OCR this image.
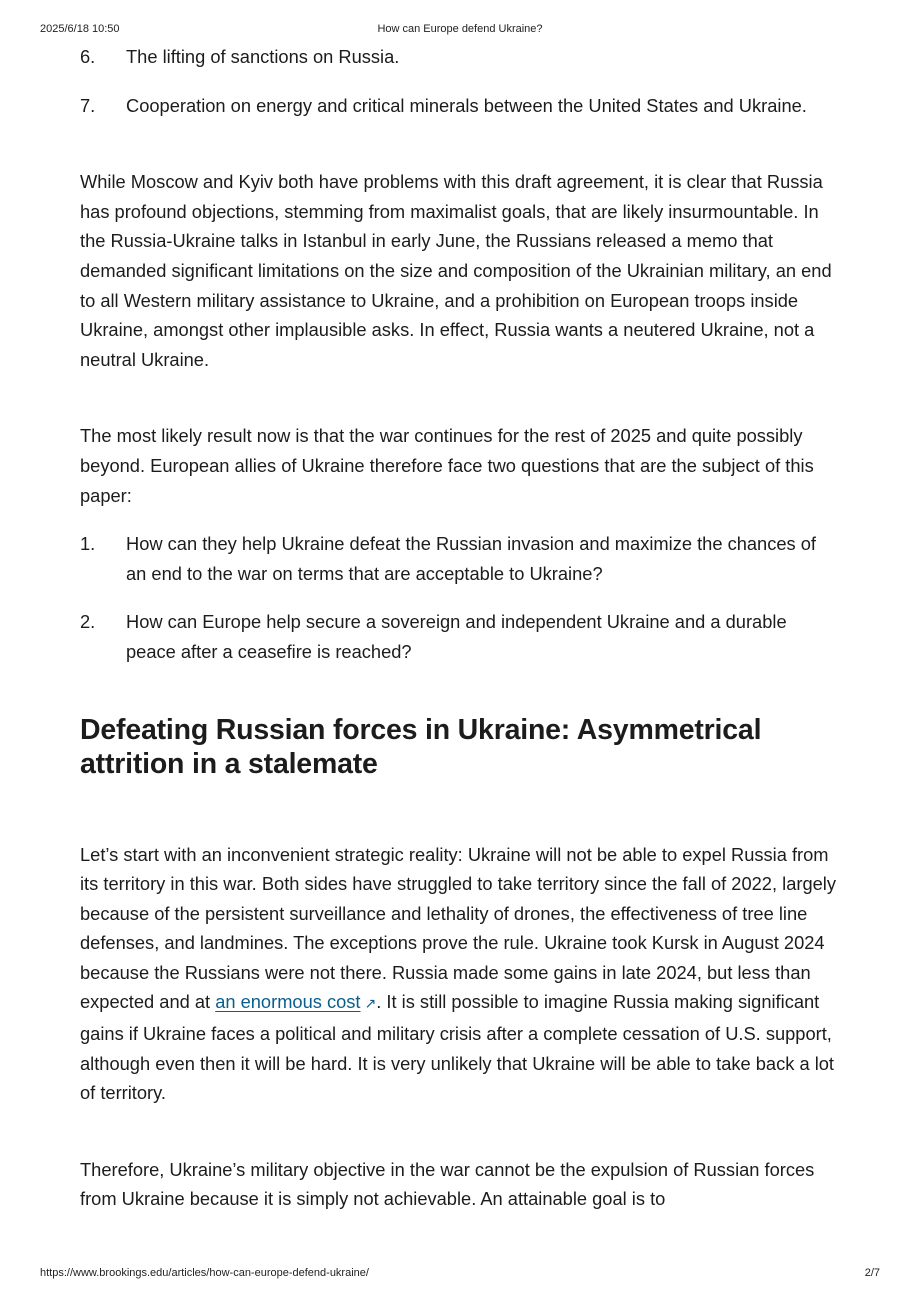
2025/6/18 10:50	How can Europe defend Ukraine?
6. The lifting of sanctions on Russia.
7. Cooperation on energy and critical minerals between the United States and Ukraine.

While Moscow and Kyiv both have problems with this draft agreement, it is clear that Russia has profound objections, stemming from maximalist goals, that are likely insurmountable. In the Russia-Ukraine talks in Istanbul in early June, the Russians released a memo that demanded significant limitations on the size and composition of the Ukrainian military, an end to all Western military assistance to Ukraine, and a prohibition on European troops inside Ukraine, amongst other implausible asks. In effect, Russia wants a neutered Ukraine, not a neutral Ukraine.

The most likely result now is that the war continues for the rest of 2025 and quite possibly beyond. European allies of Ukraine therefore face two questions that are the subject of this paper:

1. How can they help Ukraine defeat the Russian invasion and maximize the chances of an end to the war on terms that are acceptable to Ukraine?
2. How can Europe help secure a sovereign and independent Ukraine and a durable peace after a ceasefire is reached?
Defeating Russian forces in Ukraine: Asymmetrical attrition in a stalemate

Let’s start with an inconvenient strategic reality: Ukraine will not be able to expel Russia from its territory in this war. Both sides have struggled to take territory since the fall of 2022, largely because of the persistent surveillance and lethality of drones, the effectiveness of tree line defenses, and landmines. The exceptions prove the rule. Ukraine took Kursk in August 2024 because the Russians were not there. Russia made some gains in late 2024, but less than expected and at an enormous cost ↗. It is still possible to imagine Russia making significant gains if Ukraine faces a political and military crisis after a complete cessation of U.S. support, although even then it will be hard. It is very unlikely that Ukraine will be able to take back a lot of territory.

Therefore, Ukraine’s military objective in the war cannot be the expulsion of Russian forces from Ukraine because it is simply not achievable. An attainable goal is to

https://www.brookings.edu/articles/how-can-europe-defend-ukraine/	2/7
